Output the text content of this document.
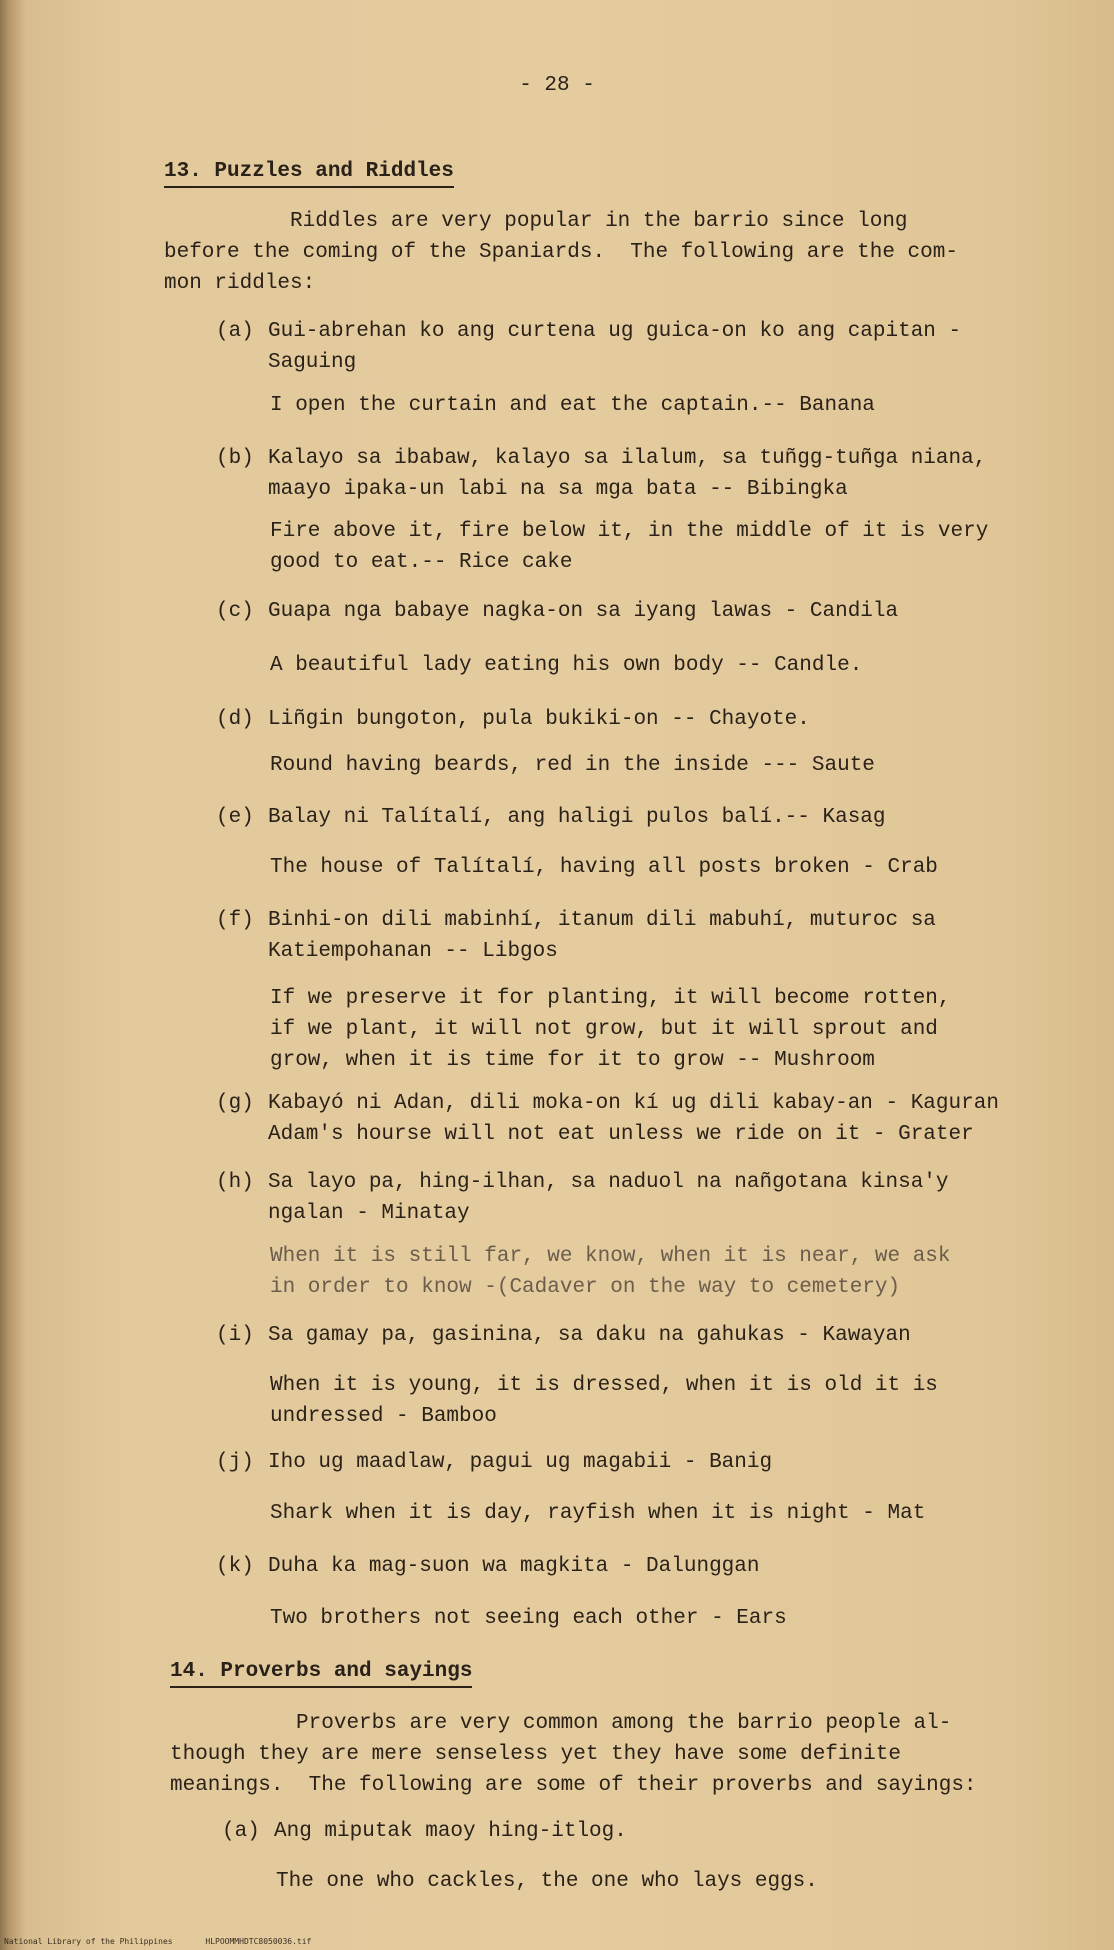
- 28 -
13. Puzzles and Riddles
Riddles are very popular in the barrio since long
before the coming of the Spaniards.  The following are the com-
mon riddles:
(a) Gui-abrehan ko ang curtena ug guica-on ko ang capitan -
Saguing
I open the curtain and eat the captain.-- Banana
(b) Kalayo sa ibabaw, kalayo sa ilalum, sa tuñgg-tuñga niana,
maayo ipaka-un labi na sa mga bata -- Bibingka
Fire above it, fire below it, in the middle of it is very
good to eat.-- Rice cake
(c) Guapa nga babaye nagka-on sa iyang lawas - Candila
A beautiful lady eating his own body -- Candle.
(d) Liñgin bungoton, pula bukiki-on -- Chayote.
Round having beards, red in the inside --- Saute
(e) Balay ni Talítalí, ang haligi pulos balí.-- Kasag
The house of Talítalí, having all posts broken - Crab
(f) Binhi-on dili mabinhí, itanum dili mabuhí, muturoc sa
Katiempohanan -- Libgos
If we preserve it for planting, it will become rotten,
if we plant, it will not grow, but it will sprout and
grow, when it is time for it to grow -- Mushroom
(g) Kabayó ni Adan, dili moka-on kí ug dili kabay-an - Kaguran
Adam's hourse will not eat unless we ride on it - Grater
(h) Sa layo pa, hing-ilhan, sa naduol na nañgotana kinsa'y
ngalan - Minatay
When it is still far, we know, when it is near, we ask
in order to know -(Cadaver on the way to cemetery)
(i) Sa gamay pa, gasinina, sa daku na gahukas - Kawayan
When it is young, it is dressed, when it is old it is
undressed - Bamboo
(j) Iho ug maadlaw, pagui ug magabii - Banig
Shark when it is day, rayfish when it is night - Mat
(k) Duha ka mag-suon wa magkita - Dalunggan
Two brothers not seeing each other - Ears
14. Proverbs and sayings
Proverbs are very common among the barrio people al-
though they are mere senseless yet they have some definite
meanings.  The following are some of their proverbs and sayings:
(a) Ang miputak maoy hing-itlog.
The one who cackles, the one who lays eggs.
National Library of the Philippines	HLPOOMMHDTC8050036.tif
